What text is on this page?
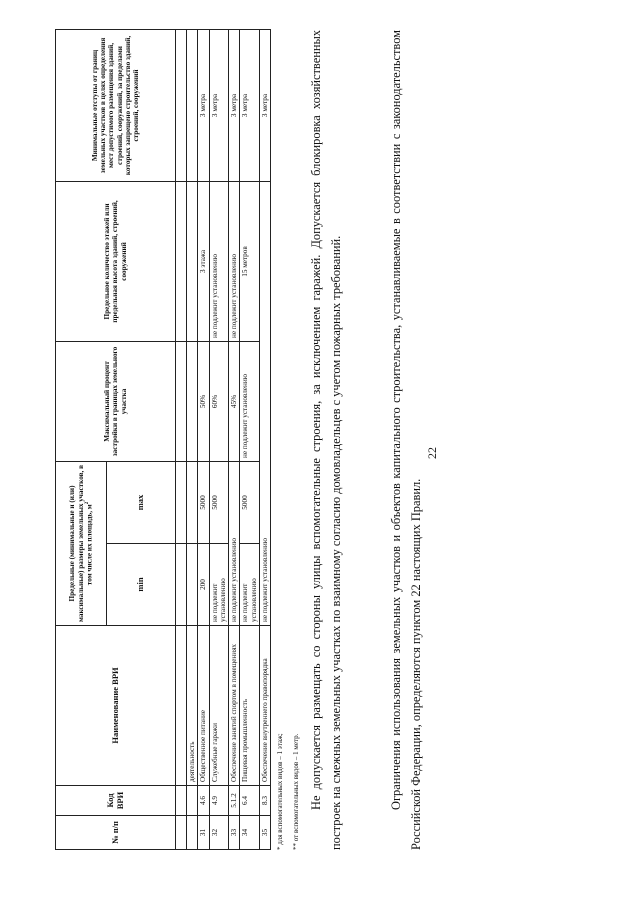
22
№ п/п	Код ВРИ	Наименование ВРИ	Предельные (минимальные и (или) максимальные) размеры земельных участков, в том числе их площадь, $м^2$		Максимальный процент застройки в границах земельного участка	Предельное количество этажей или предельная высота зданий, строений, сооружений	Минимальные отступы от границ земельных участков в целях определения мест допустимого размещения зданий, строений, сооружений, за пределами которых запрещено строительство зданий, строений, сооружений
			min	max			

		деятельность					
31	4.6	Общественное питание	200	5000	50%	3 этажа	3 метра
32	4.9	Служебные гаражи	не подлежит установлению	5000	60%	не подлежит установлению	3 метра
33	5.1.2	Обеспечение занятий спортом в помещениях	не подлежит установлению		45%	не подлежит установлению	3 метра
34	6.4	Пищевая промышленность	не подлежит установлению	5000	не подлежит установлению	15 метров	3 метра
35	8.3	Обеспечение внутреннего правопорядка	не подлежит установлению				3 метра
* для вспомогательных видов – 1 этаж; ** от вспомогательных видов – 1 метр. Не допускается размещать со стороны улицы вспомогательные строения, за исключением гаражей. Допускается блокировка хозяйственных построек на смежных земельных участках по взаимному согласию домовладельцев с учетом пожарных требований.	Ограничения использования земельных участков и объектов капитального строительства, устанавливаемые в соответствии с законодательством Российской Федерации, определяются пунктом 22 настоящих Правил.
